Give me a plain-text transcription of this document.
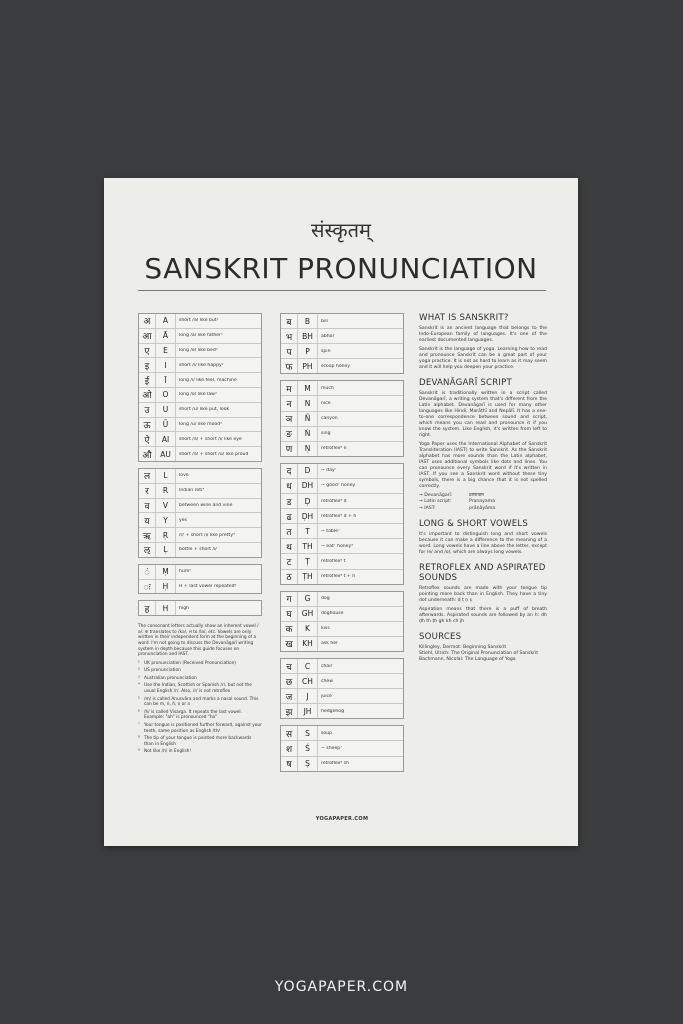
संस्कृतम्
SANSKRIT PRONUNCIATION
अ	A	short /ə/ like but¹
आ	Ā	long /a/ like father¹
ए	E	long /e/ like bed³
इ	I	short /i/ like happy²
ई	Ī	long /i/ like feel, machine
ओ	O	long /o/ like law³
उ	U	short /u/ like put, look
ऊ	Ū	long /u/ like mood²
ऐ	AI	short /ə/ + short /i/ like eye
औ	AU	short /ə/ + short /u/ like proud
ल	L	love
र	R	Indian roti⁴
व	V	between wine and vine
य	Y	yes
ऋ	Ṛ	/r/ + short /i/ like pretty⁴
ऌ	Ḷ	bottle + short /i/
ं	Ṃ	hum⁵
ः	Ḥ	H + last vowel repeated⁶
ह	H	high

The consonant letters actually show an inherent vowel /ə/: क translates to /kə/, ल to /lə/, etc. Vowels are only written in their independent form at the beginning of a word. I'm not going to discuss the Devanāgarī writing system in depth because this guide focuses on pronunciation and IAST.

¹ UK pronunciation (Received Pronunciation)
² US pronunciation
³ Australian pronunciation
⁴ Use the Indian, Scottish or Spanish /r/, but not the usual English /r/. Also, /r/ is not retroflex
⁵ /m/ is called Anusvāra and marks a nasal sound. This can be m, ṅ, ñ, ṇ or n
⁶ /h/ is called Visarga. It repeats the last vowel. Example: "ah" is pronounced "ha"
⁷ Your tongue is positioned further forward, against your teeth, same position as English /th/
⁸ The tip of your tongue is pointed more backwards than in English
⁹ Not like /h/ in English!
ब	B	bin
भ	BH	abhor
प	P	spin
फ	PH	scoop honey
म	M	much
न	N	nice
ञ	Ñ	canyon
ङ	Ṅ	sing
ण	Ṇ	retroflex⁸ n
द	D	~ day⁷
ध	DH	~ good⁷ honey
ड	Ḍ	retroflex⁸ d
ढ	ḌH	retroflex⁸ d + h
त	T	~ table⁷
थ	TH	~ eat⁷ honey⁹
ट	Ṭ	retroflex⁸ t
ठ	ṬH	retroflex⁸ t + h
ग	G	dog
घ	GH	doghouse
क	K	kiss
ख	KH	ask her
च	C	chair
छ	CH	chew
ज	J	juice
झ	JH	hedgehog
स	S	soup
श	Ś	~ sheep⁷
ष	Ṣ	retroflex⁸ sh
YOGAPAPER.COM
WHAT IS SANSKRIT?

Sanskrit is an ancient language that belongs to the Indo-European family of languages. It's one of the earliest documented languages.

Sanskrit is the language of yoga. Learning how to read and pronounce Sanskrit can be a great part of your yoga practice. It is not as hard to learn as it may seem and it will help you deepen your practice.

DEVANĀGARĪ SCRIPT

Sanskrit is traditionally written in a script called Devanāgarī, a writing system that's different from the Latin alphabet. Devanāgarī is used for many other languages like Hindi, Marāṭhī and Nepālī. It has a one-to-one correspondence between sound and script, which means you can read and pronounce it if you know the system. Like English, it's written from left to right.

Yoga Paper uses the International Alphabet of Sanskrit Transliteration (IAST) to write Sanskrit. As the Sanskrit alphabet has more sounds than the Latin alphabet, IAST uses additional symbols like dots and lines. You can pronounce every Sanskrit word if it's written in IAST. If you see a Sanskrit word without these tiny symbols, there is a big chance that it is not spelled correctly.

→ Devanāgarī:	प्राणायाम
→ Latin script:	Pranayama
→ IAST:	prāṇāyāma
LONG & SHORT VOWELS

It's important to distinguish long and short vowels because it can make a difference to the meaning of a word. Long vowels have a line above the letter, except for /e/ and /o/, which are always long vowels.

RETROFLEX AND ASPIRATED SOUNDS

Retroflex sounds are made with your tongue tip pointing more back than in English. They have a tiny dot underneath: ḍ ṭ ṇ ṣ

Aspiration means that there is a puff of breath afterwards. Aspirated sounds are followed by an h: dh ḍh th ṭh gh kh ch jh

SOURCES

Killingley, Dermot: Beginning Sanskrit

Stiehl, Ulrich: The Original Pronunciation of Sanskrit

Bachmann, Nicolai: The Language of Yoga

YOGAPAPER.COM
